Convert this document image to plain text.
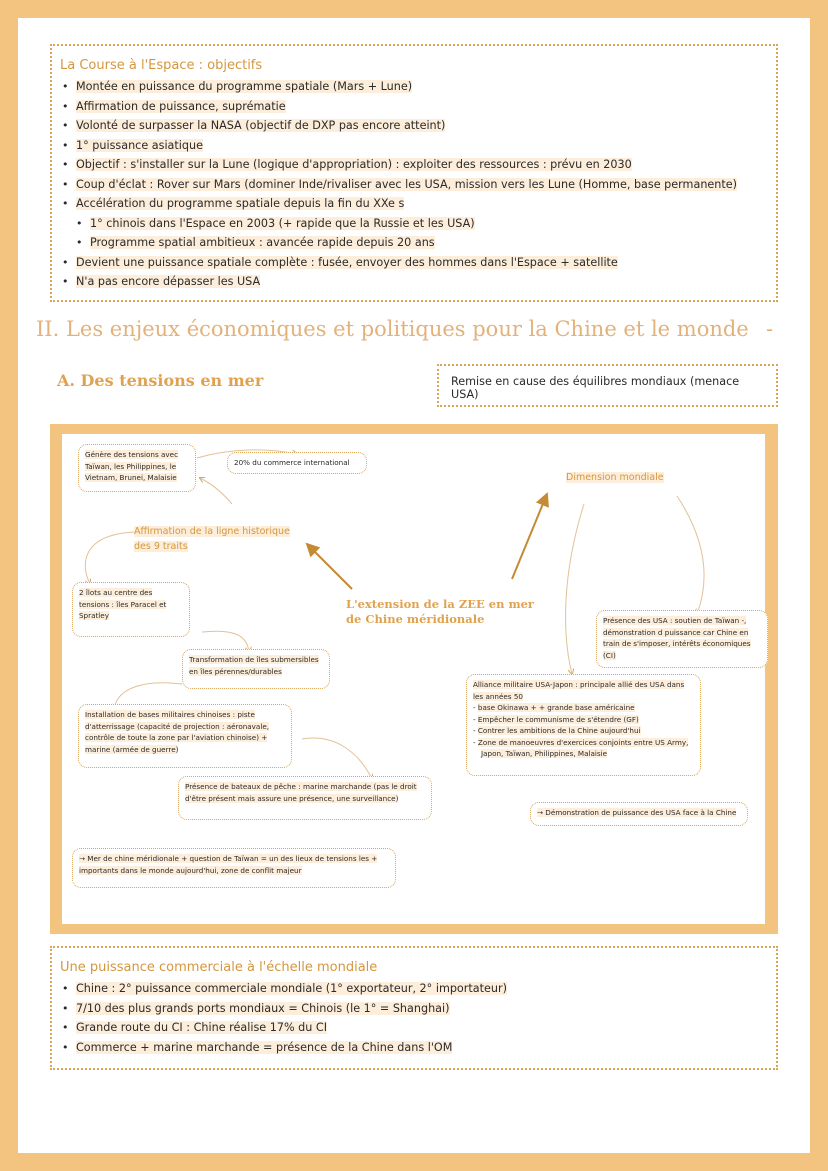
La Course à l'Espace : objectifs
• Montée en puissance du programme spatiale (Mars + Lune)
• Affirmation de puissance, suprématie
• Volonté de surpasser la NASA (objectif de DXP pas encore atteint)
• 1° puissance asiatique
• Objectif : s'installer sur la Lune (logique d'appropriation) : exploiter des ressources : prévu en 2030
• Coup d'éclat : Rover sur Mars (dominer Inde/rivaliser avec les USA, mission vers les Lune (Homme, base permanente)
• Accélération du programme spatiale depuis la fin du XXe s
• 1° chinois dans l'Espace en 2003 (+ rapide que la Russie et les USA)
• Programme spatial ambitieux : avancée rapide depuis 20 ans
• Devient une puissance spatiale complète : fusée, envoyer des hommes dans l'Espace + satellite
• N'a pas encore dépasser les USA
II. Les enjeux économiques et politiques pour la Chine et le monde -
A. Des tensions en mer	Remise en cause des équilibres mondiaux (menace USA)
Génère des tensions avec Taïwan, les Philippines, le Vietnam, Brunei, Malaisie
20% du commerce international
Affirmation de la ligne historique des 9 traits
2 îlots au centre des tensions : îles Paracel et Spratley
L'extension de la ZEE en mer de Chine méridionale
Transformation de îles submersibles en îles pérennes/durables
Installation de bases militaires chinoises : piste d'atterrissage (capacité de projection : aéronavale, contrôle de toute la zone par l'aviation chinoise) + marine (armée de guerre)
Présence de bateaux de pêche : marine marchande (pas le droit d'être présent mais assure une présence, une surveillance)
→ Mer de chine méridionale + question de Taïwan = un des lieux de tensions les + importants dans le monde aujourd'hui, zone de conflit majeur
Dimension mondiale
Présence des USA : soutien de Taïwan -, démonstration d puissance car Chine en train de s'imposer, intérêts économiques (CI)
Alliance militaire USA-Japon : principale allié des USA dans les années 50
- base Okinawa + + grande base américaine
- Empêcher le communisme de s'étendre (GF)
- Contrer les ambitions de la Chine aujourd'hui
- Zone de manoeuvres d'exercices conjoints entre US Army, Japon, Taïwan, Philippines, Malaisie
→ Démonstration de puissance des USA face à la Chine
Une puissance commerciale à l'échelle mondiale
• Chine : 2° puissance commerciale mondiale (1° exportateur, 2° importateur)
• 7/10 des plus grands ports mondiaux = Chinois (le 1° = Shanghai)
• Grande route du CI : Chine réalise 17% du CI
• Commerce + marine marchande = présence de la Chine dans l'OM
